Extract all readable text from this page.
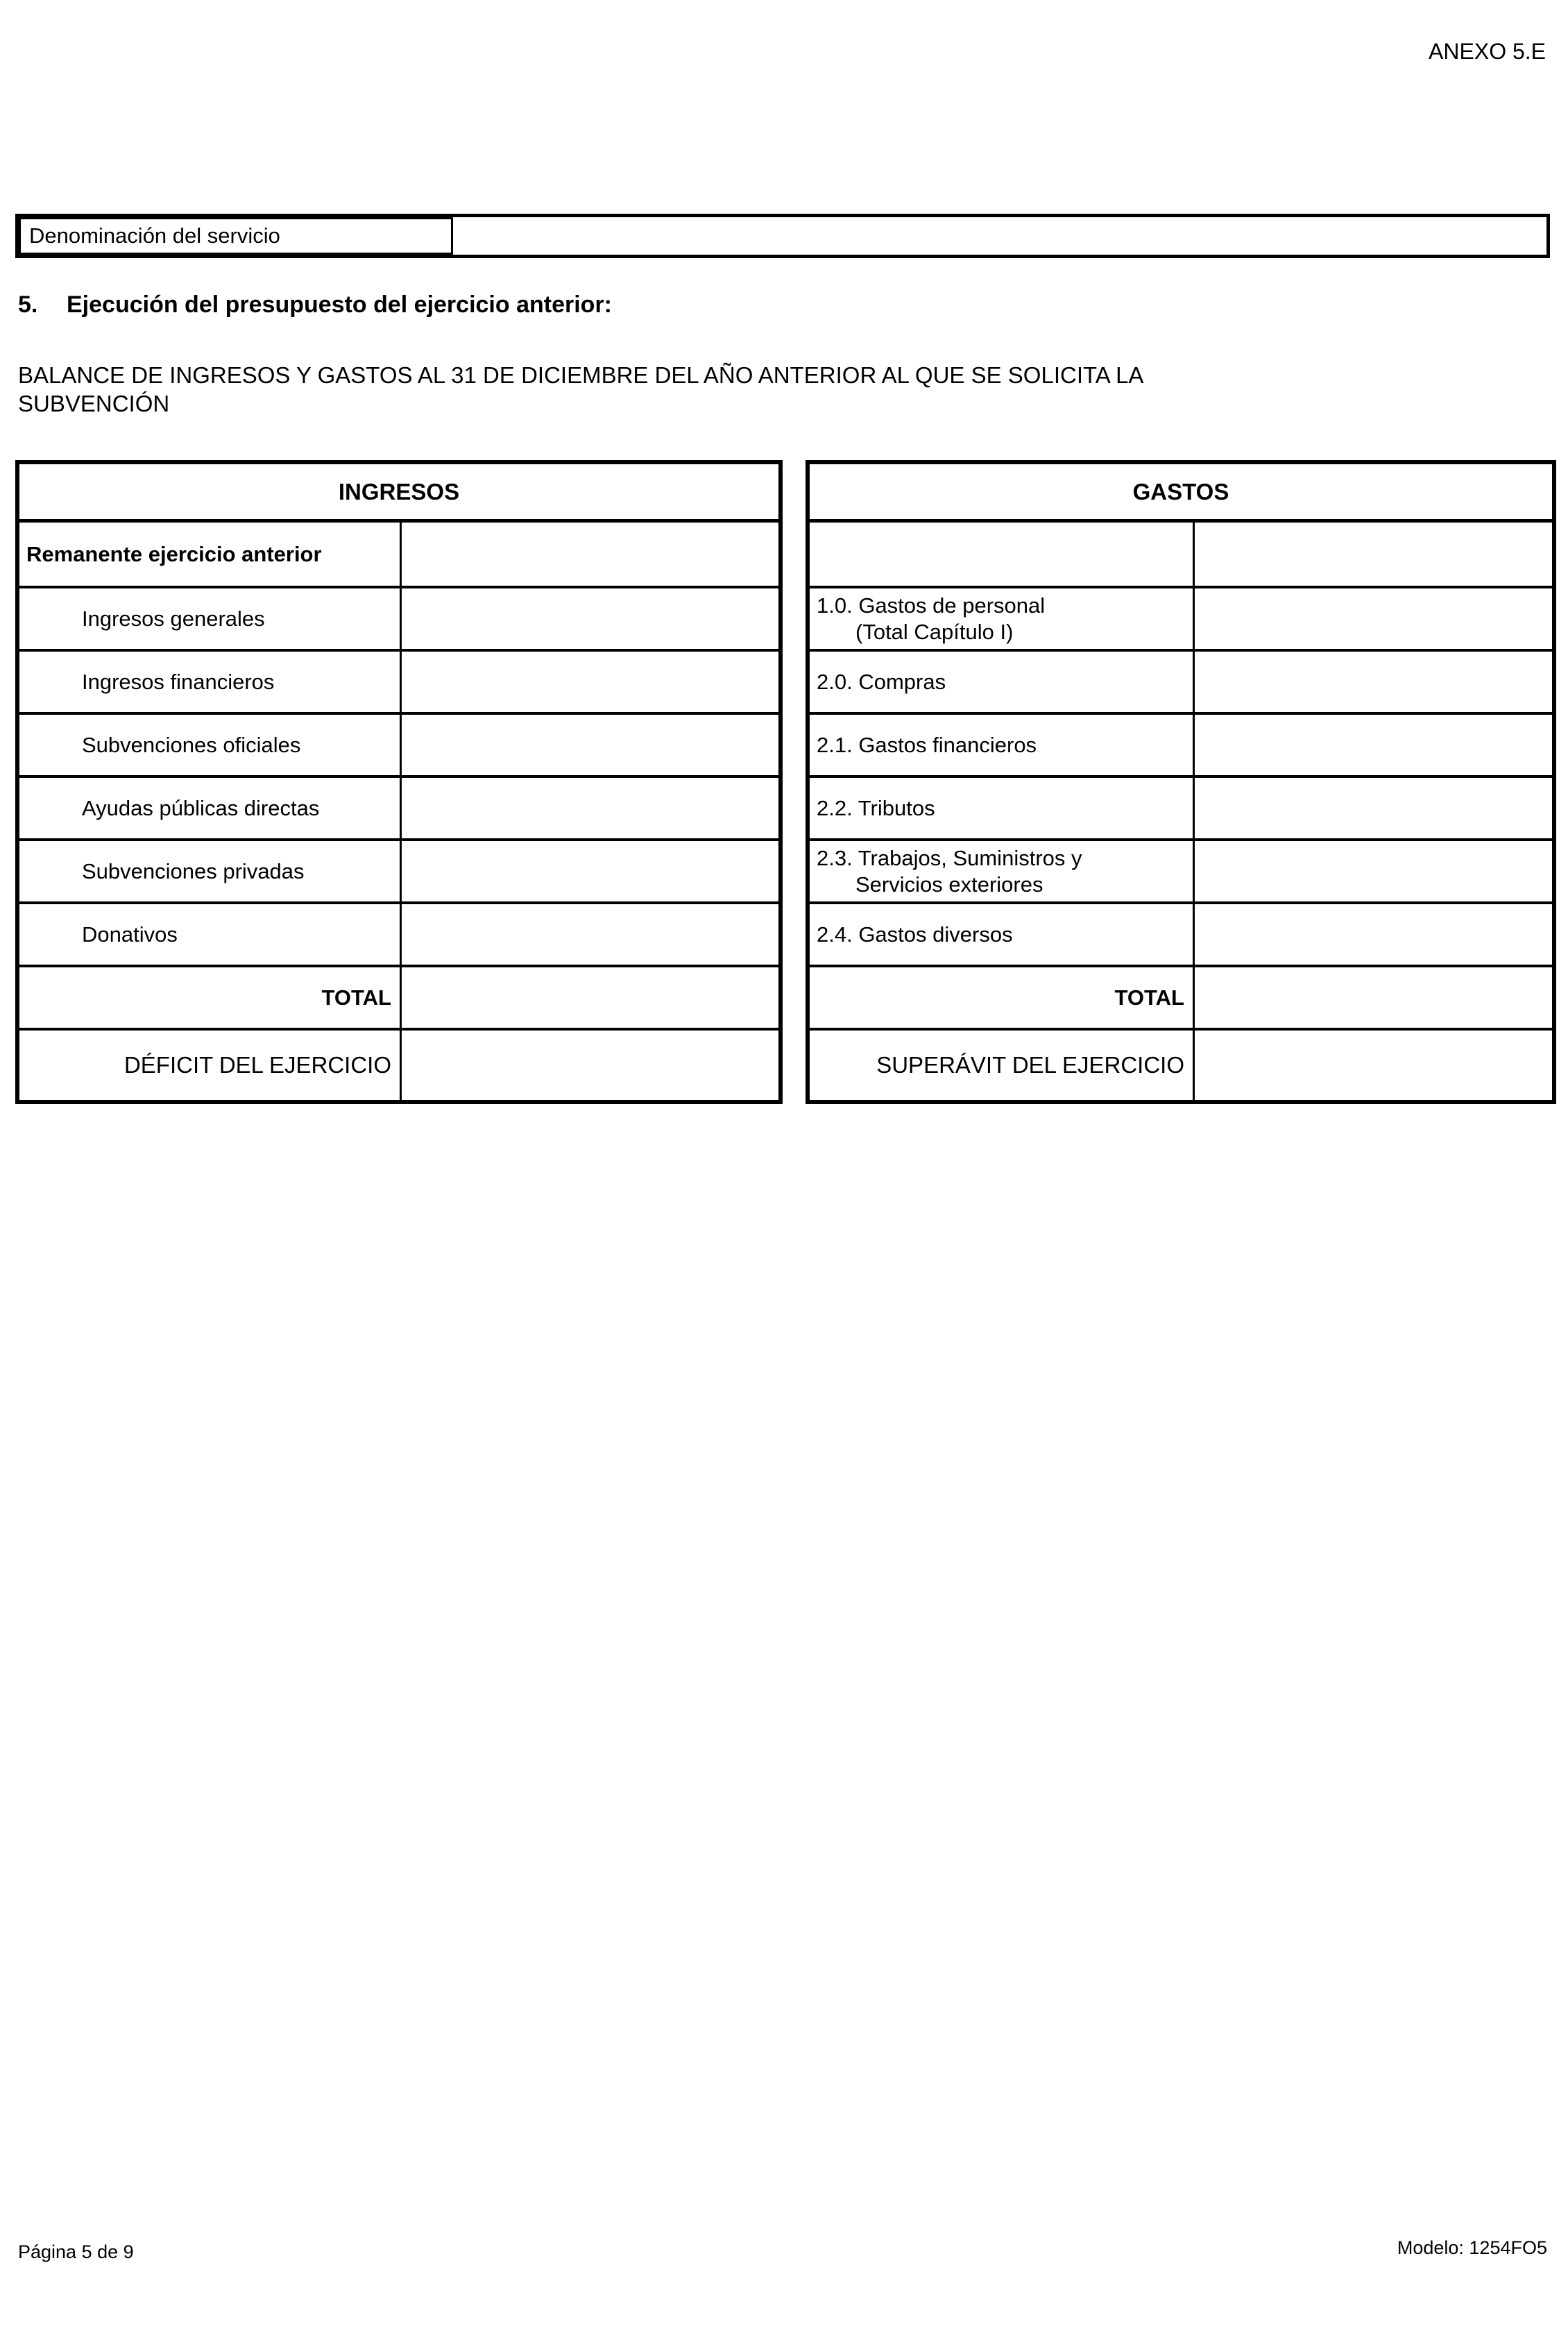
ANEXO 5.E
Denominación del servicio
5.	Ejecución del presupuesto del ejercicio anterior:
BALANCE DE INGRESOS Y GASTOS AL 31 DE DICIEMBRE DEL AÑO ANTERIOR AL QUE SE SOLICITA LA
SUBVENCIÓN
INGRESOS
Remanente ejercicio anterior
Ingresos generales
Ingresos financieros
Subvenciones oficiales
Ayudas públicas directas
Subvenciones privadas
Donativos
TOTAL
DÉFICIT DEL EJERCICIO
GASTOS
1.0. Gastos de personal
(Total Capítulo I)
2.0. Compras
2.1. Gastos financieros
2.2. Tributos
2.3. Trabajos, Suministros y
Servicios exteriores
2.4. Gastos diversos
TOTAL
SUPERÁVIT DEL EJERCICIO
Página 5 de 9	Modelo: 1254FO5
